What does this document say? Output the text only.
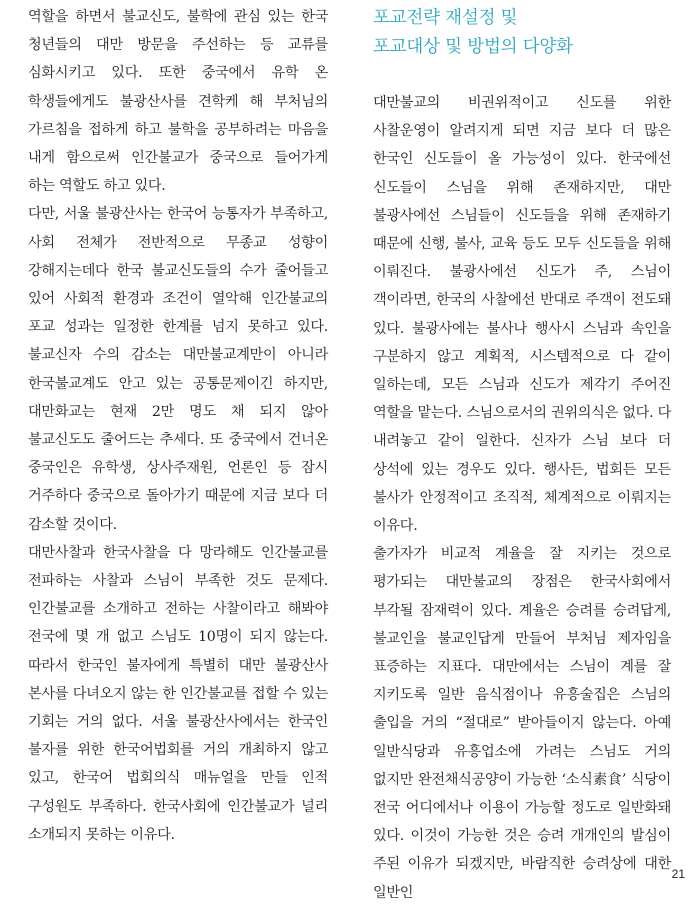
역할을 하면서 불교신도, 불학에 관심 있는 한국 청년들의 대만 방문을 주선하는 등 교류를 심화시키고 있다. 또한 중국에서 유학 온 학생들에게도 불광산사를 견학케 해 부처님의 가르침을 접하게 하고 불학을 공부하려는 마음을 내게 함으로써 인간불교가 중국으로 들어가게 하는 역할도 하고 있다.

다만, 서울 불광산사는 한국어 능통자가 부족하고, 사회 전체가 전반적으로 무종교 성향이 강해지는데다 한국 불교신도들의 수가 줄어들고 있어 사회적 환경과 조건이 열악해 인간불교의 포교 성과는 일정한 한계를 넘지 못하고 있다. 불교신자 수의 감소는 대만불교계만이 아니라 한국불교계도 안고 있는 공통문제이긴 하지만, 대만화교는 현재 2만 명도 채 되지 않아 불교신도도 줄어드는 추세다. 또 중국에서 건너온 중국인은 유학생, 상사주재원, 언론인 등 잠시 거주하다 중국으로 돌아가기 때문에 지금 보다 더 감소할 것이다.

대만사찰과 한국사찰을 다 망라해도 인간불교를 전파하는 사찰과 스님이 부족한 것도 문제다. 인간불교를 소개하고 전하는 사찰이라고 해봐야 전국에 몇 개 없고 스님도 10명이 되지 않는다. 따라서 한국인 불자에게 특별히 대만 불광산사 본사를 다녀오지 않는 한 인간불교를 접할 수 있는 기회는 거의 없다. 서울 불광산사에서는 한국인 불자를 위한 한국어법회를 거의 개최하지 않고 있고, 한국어 법회의식 매뉴얼을 만들 인적 구성원도 부족하다. 한국사회에 인간불교가 널리 소개되지 못하는 이유다.

포교전략 재설정 및
포교대상 및 방법의 다양화

대만불교의 비권위적이고 신도를 위한 사찰운영이 알려지게 되면 지금 보다 더 많은 한국인 신도들이 올 가능성이 있다. 한국에선 신도들이 스님을 위해 존재하지만, 대만 불광사에선 스님들이 신도들을 위해 존재하기 때문에 신행, 불사, 교육 등도 모두 신도들을 위해 이뤄진다. 불광사에선 신도가 주, 스님이 객이라면, 한국의 사찰에선 반대로 주객이 전도돼 있다. 불광사에는 불사나 행사시 스님과 속인을 구분하지 않고 계획적, 시스템적으로 다 같이 일하는데, 모든 스님과 신도가 제각기 주어진 역할을 맡는다. 스님으로서의 권위의식은 없다. 다 내려놓고 같이 일한다. 신자가 스님 보다 더 상석에 있는 경우도 있다. 행사든, 법회든 모든 불사가 안정적이고 조직적, 체계적으로 이뤄지는 이유다.

출가자가 비교적 계율을 잘 지키는 것으로 평가되는 대만불교의 장점은 한국사회에서 부각될 잠재력이 있다. 계율은 승려를 승려답게, 불교인을 불교인답게 만들어 부처님 제자임을 표증하는 지표다. 대만에서는 스님이 계를 잘 지키도록 일반 음식점이나 유흥술집은 스님의 출입을 거의 “절대로” 받아들이지 않는다. 아예 일반식당과 유흥업소에 가려는 스님도 거의 없지만 완전채식공양이 가능한 ‘소식素食’ 식당이 전국 어디에서나 이용이 가능할 정도로 일반화돼 있다. 이것이 가능한 것은 승려 개개인의 발심이 주된 이유가 되겠지만, 바람직한 승려상에 대한 일반인

21
